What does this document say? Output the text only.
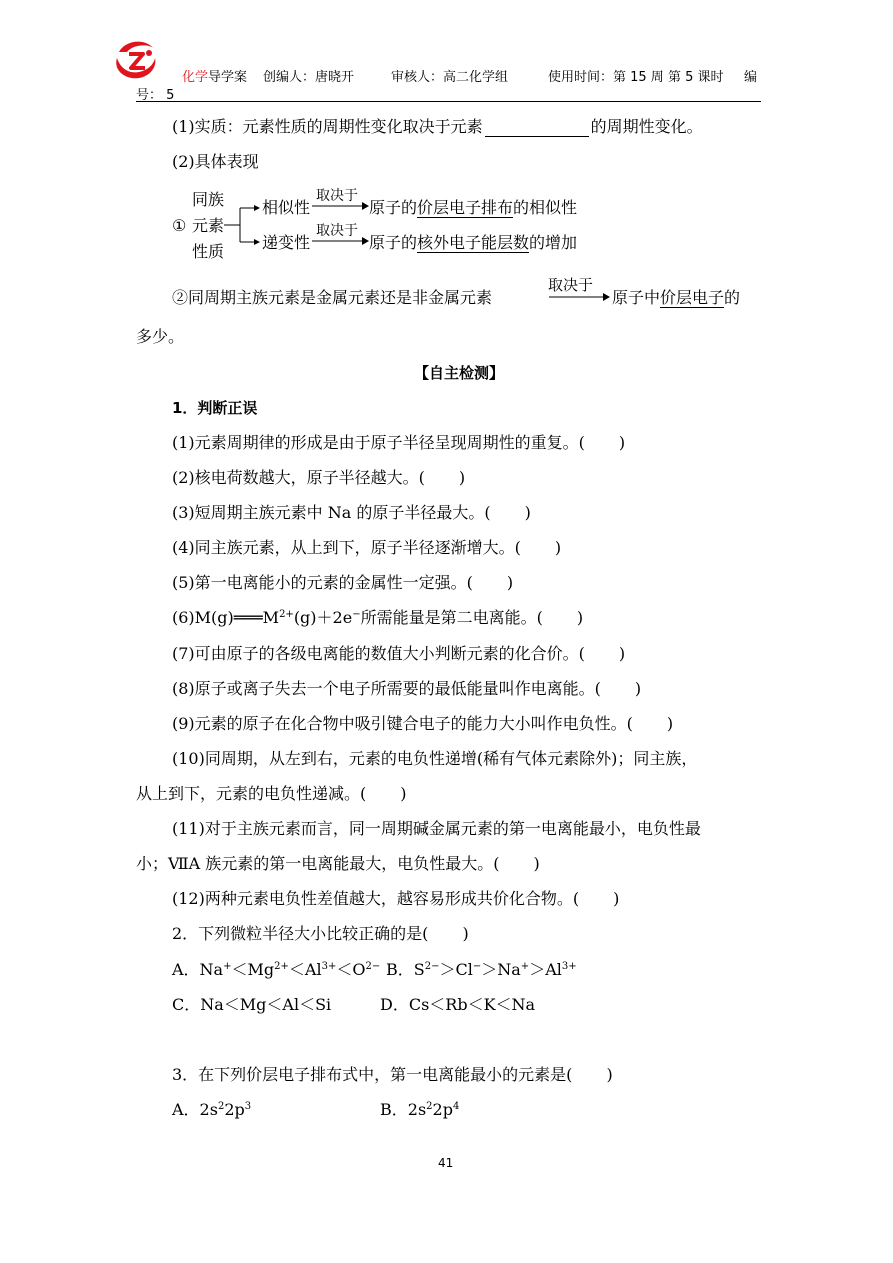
化学导学案 创编人：唐晓开	审核人：高二化学组	使用时间：第 15 周 第 5 课时 编
号： 5
(1)实质：元素性质的周期性变化取决于元素	的周期性变化。
(2)具体表现
同族
① 元素
性质
相似性
取决于
原子的价层电子排布的相似性
递变性
取决于
原子的核外电子能层数的增加
②同周期主族元素是金属元素还是非金属元素
取决于
原子中价层电子的
多少。
【自主检测】
1．判断正误
(1)元素周期律的形成是由于原子半径呈现周期性的重复。( )
(2)核电荷数越大，原子半径越大。( )
(3)短周期主族元素中 Na 的原子半径最大。( )
(4)同主族元素，从上到下，原子半径逐渐增大。( )
(5)第一电离能小的元素的金属性一定强。( )
$(6)M(g)═══M^{2+}(g)+2e^-$所需能量是第二电离能。( )
(7)可由原子的各级电离能的数值大小判断元素的化合价。( )
(8)原子或离子失去一个电子所需要的最低能量叫作电离能。( )
(9)元素的原子在化合物中吸引键合电子的能力大小叫作电负性。( )
(10)同周期，从左到右，元素的电负性递增(稀有气体元素除外)；同主族，
从上到下，元素的电负性递减。( )
(11)对于主族元素而言，同一周期碱金属元素的第一电离能最小，电负性最
小；ⅦA 族元素的第一电离能最大，电负性最大。( )
(12)两种元素电负性差值越大，越容易形成共价化合物。( )
2．下列微粒半径大小比较正确的是( )
A．$Na^+<Mg^{2+}<Al^{3+}<O^{2-}$ B．$S^{2-}>Cl^->Na^+>Al^{3+}$
C．Na＜Mg＜Al＜Si	D．Cs＜Rb＜K＜Na
3．在下列价层电子排布式中，第一电离能最小的元素是( )
A．$2s^22p^3$	B．$2s^22p^4$
41
